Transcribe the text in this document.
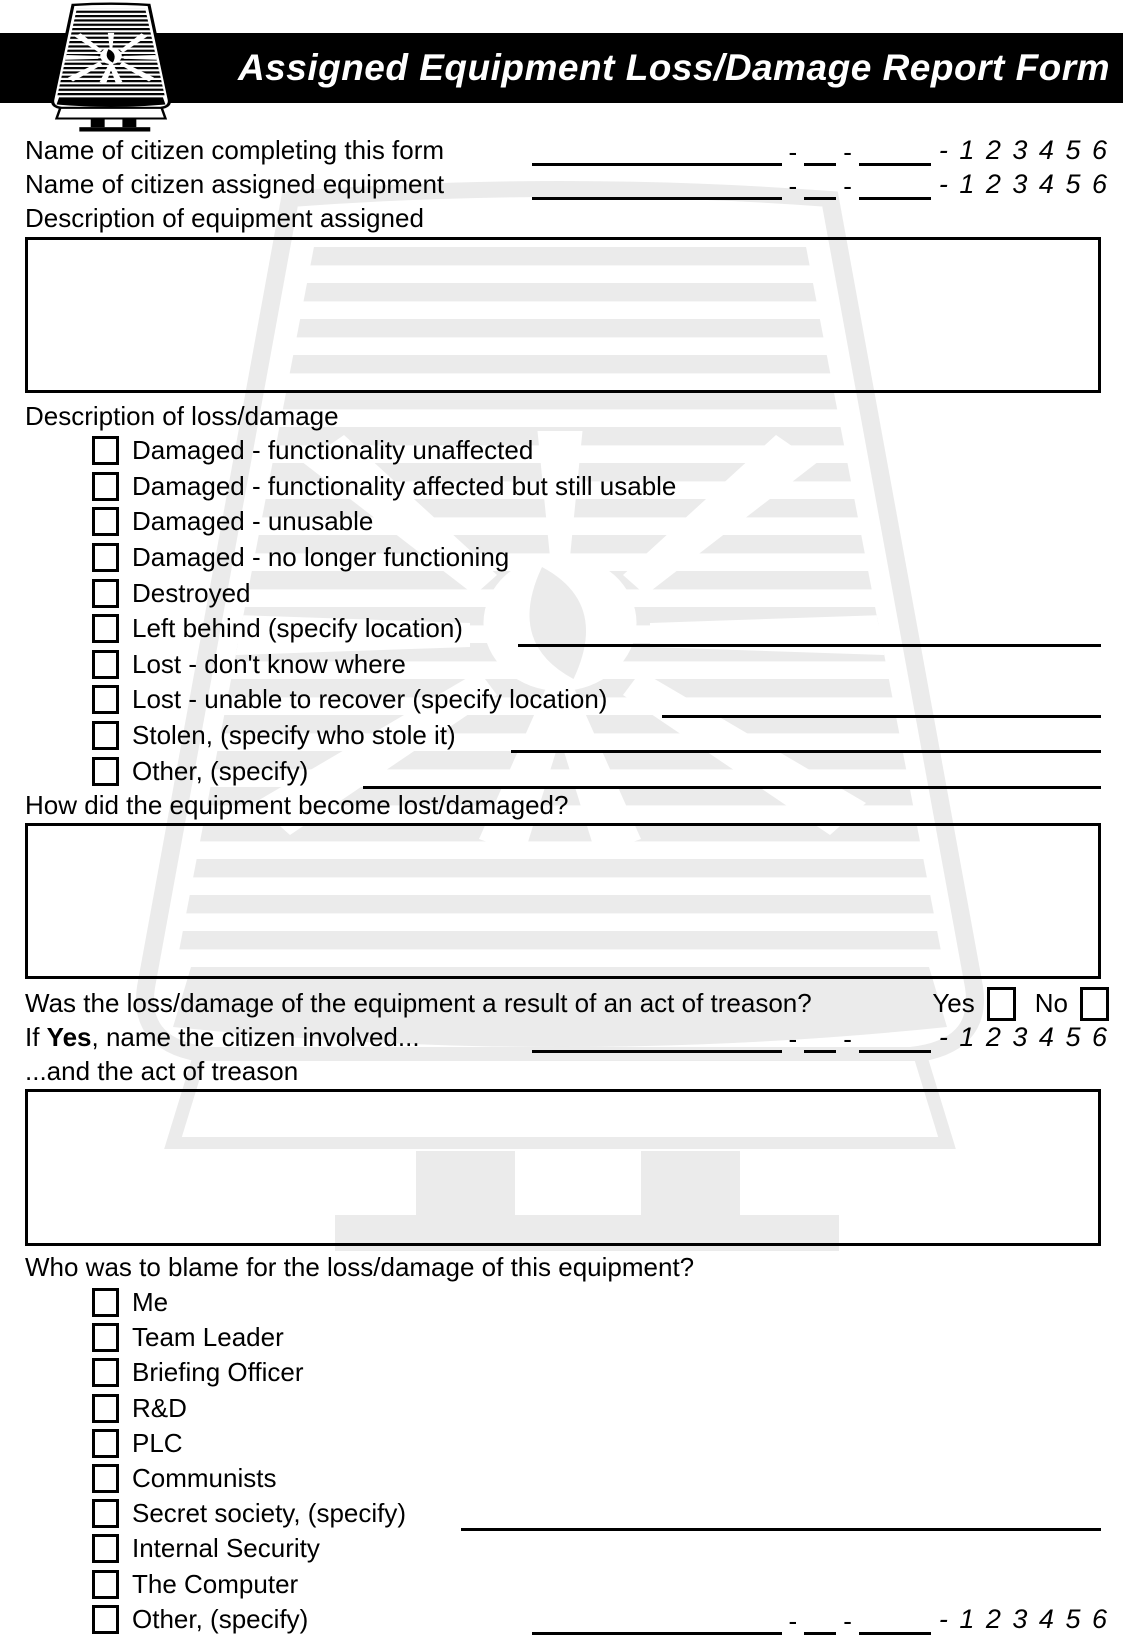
Assigned Equipment Loss/Damage Report Form
Name of citizen completing this form	- -	- 1 2 3 4 5 6
Name of citizen assigned equipment	- -	- 1 2 3 4 5 6
Description of equipment assigned
Description of loss/damage
Damaged - functionality unaffected
Damaged - functionality affected but still usable
Damaged - unusable
Damaged - no longer functioning
Destroyed
Left behind (specify location)
Lost - don't know where
Lost - unable to recover (specify location)
Stolen, (specify who stole it)
Other, (specify)
How did the equipment become lost/damaged?
Was the loss/damage of the equipment a result of an act of treason?	Yes No
If Yes, name the citizen involved...	- -	- 1 2 3 4 5 6
...and the act of treason
Who was to blame for the loss/damage of this equipment?
Me
Team Leader
Briefing Officer
R&D
PLC
Communists
Secret society, (specify)
Internal Security
The Computer
Other, (specify)	- -	- 1 2 3 4 5 6
